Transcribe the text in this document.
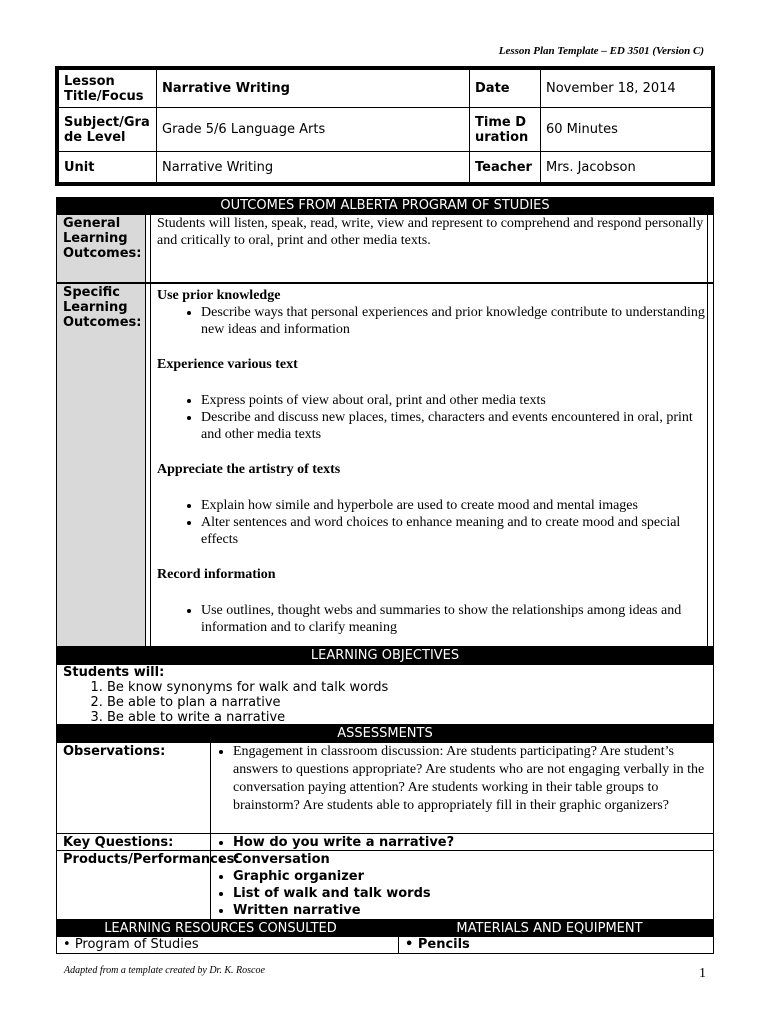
Lesson Plan Template – ED 3501 (Version C)
Lesson Title/Focus	Narrative Writing	Date	November 18, 2014
Subject/Grade Level	Grade 5/6 Language Arts	Time Duration	60 Minutes
Unit	Narrative Writing	Teacher	Mrs. Jacobson
OUTCOMES FROM ALBERTA PROGRAM OF STUDIES
General Learning Outcomes:
Students will listen, speak, read, write, view and represent to comprehend and respond personally and critically to oral, print and other media texts.
Specific Learning Outcomes:
Use prior knowledge
• Describe ways that personal experiences and prior knowledge contribute to understanding new ideas and information
Experience various text
• Express points of view about oral, print and other media texts
• Describe and discuss new places, times, characters and events encountered in oral, print and other media texts
Appreciate the artistry of texts
• Explain how simile and hyperbole are used to create mood and mental images
• Alter sentences and word choices to enhance meaning and to create mood and special effects
Record information
• Use outlines, thought webs and summaries to show the relationships among ideas and information and to clarify meaning
LEARNING OBJECTIVES
Students will:
1. Be know synonyms for walk and talk words
2. Be able to plan a narrative
3. Be able to write a narrative
ASSESSMENTS
Observations:	• Engagement in classroom discussion: Are students participating? Are student’s answers to questions appropriate? Are students who are not engaging verbally in the conversation paying attention? Are students working in their table groups to brainstorm? Are students able to appropriately fill in their graphic organizers?
Key Questions:	• How do you write a narrative?
Products/Performances:
• Conversation
• Graphic organizer
• List of walk and talk words
• Written narrative
LEARNING RESOURCES CONSULTED	MATERIALS AND EQUIPMENT
• Program of Studies	• Pencils
Adapted from a template created by Dr. K. Roscoe	1
